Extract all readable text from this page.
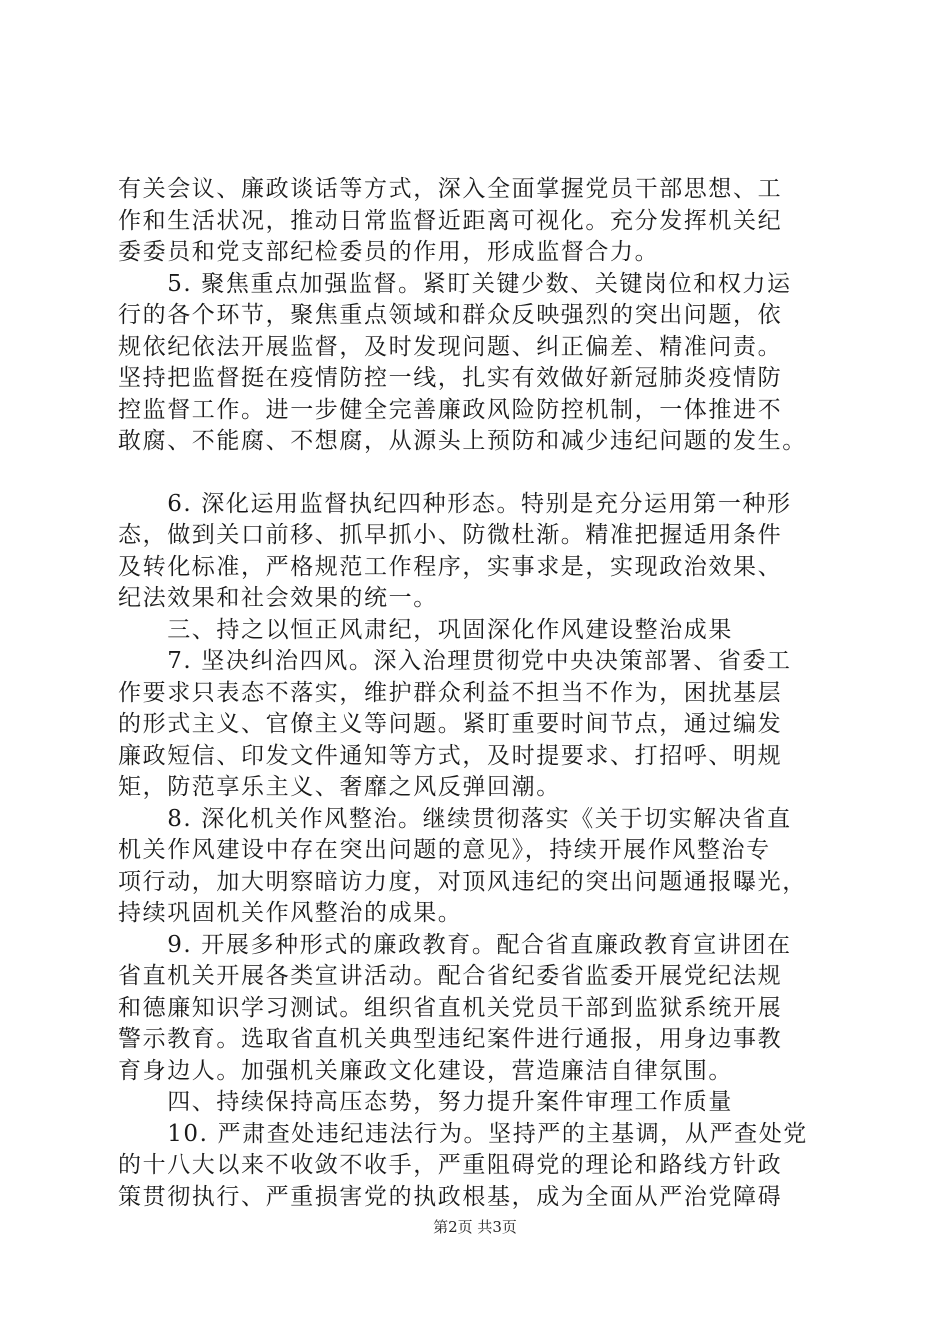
有关会议、廉政谈话等方式，深入全面掌握党员干部思想、工
作和生活状况，推动日常监督近距离可视化。充分发挥机关纪
委委员和党支部纪检委员的作用，形成监督合力。
　　5. 聚焦重点加强监督。紧盯关键少数、关键岗位和权力运
行的各个环节，聚焦重点领域和群众反映强烈的突出问题，依
规依纪依法开展监督，及时发现问题、纠正偏差、精准问责。
坚持把监督挺在疫情防控一线，扎实有效做好新冠肺炎疫情防
控监督工作。进一步健全完善廉政风险防控机制，一体推进不
敢腐、不能腐、不想腐，从源头上预防和减少违纪问题的发生。
　　6. 深化运用监督执纪四种形态。特别是充分运用第一种形
态，做到关口前移、抓早抓小、防微杜渐。精准把握适用条件
及转化标准，严格规范工作程序，实事求是，实现政治效果、
纪法效果和社会效果的统一。
　　三、持之以恒正风肃纪，巩固深化作风建设整治成果
　　7. 坚决纠治四风。深入治理贯彻党中央决策部署、省委工
作要求只表态不落实，维护群众利益不担当不作为，困扰基层
的形式主义、官僚主义等问题。紧盯重要时间节点，通过编发
廉政短信、印发文件通知等方式，及时提要求、打招呼、明规
矩，防范享乐主义、奢靡之风反弹回潮。
　　8. 深化机关作风整治。继续贯彻落实《关于切实解决省直
机关作风建设中存在突出问题的意见》，持续开展作风整治专
项行动，加大明察暗访力度，对顶风违纪的突出问题通报曝光，
持续巩固机关作风整治的成果。
　　9. 开展多种形式的廉政教育。配合省直廉政教育宣讲团在
省直机关开展各类宣讲活动。配合省纪委省监委开展党纪法规
和德廉知识学习测试。组织省直机关党员干部到监狱系统开展
警示教育。选取省直机关典型违纪案件进行通报，用身边事教
育身边人。加强机关廉政文化建设，营造廉洁自律氛围。
　　四、持续保持高压态势，努力提升案件审理工作质量
　　10. 严肃查处违纪违法行为。坚持严的主基调，从严查处党
的十八大以来不收敛不收手，严重阻碍党的理论和路线方针政
策贯彻执行、严重损害党的执政根基，成为全面从严治党障碍
第2页 共3页
